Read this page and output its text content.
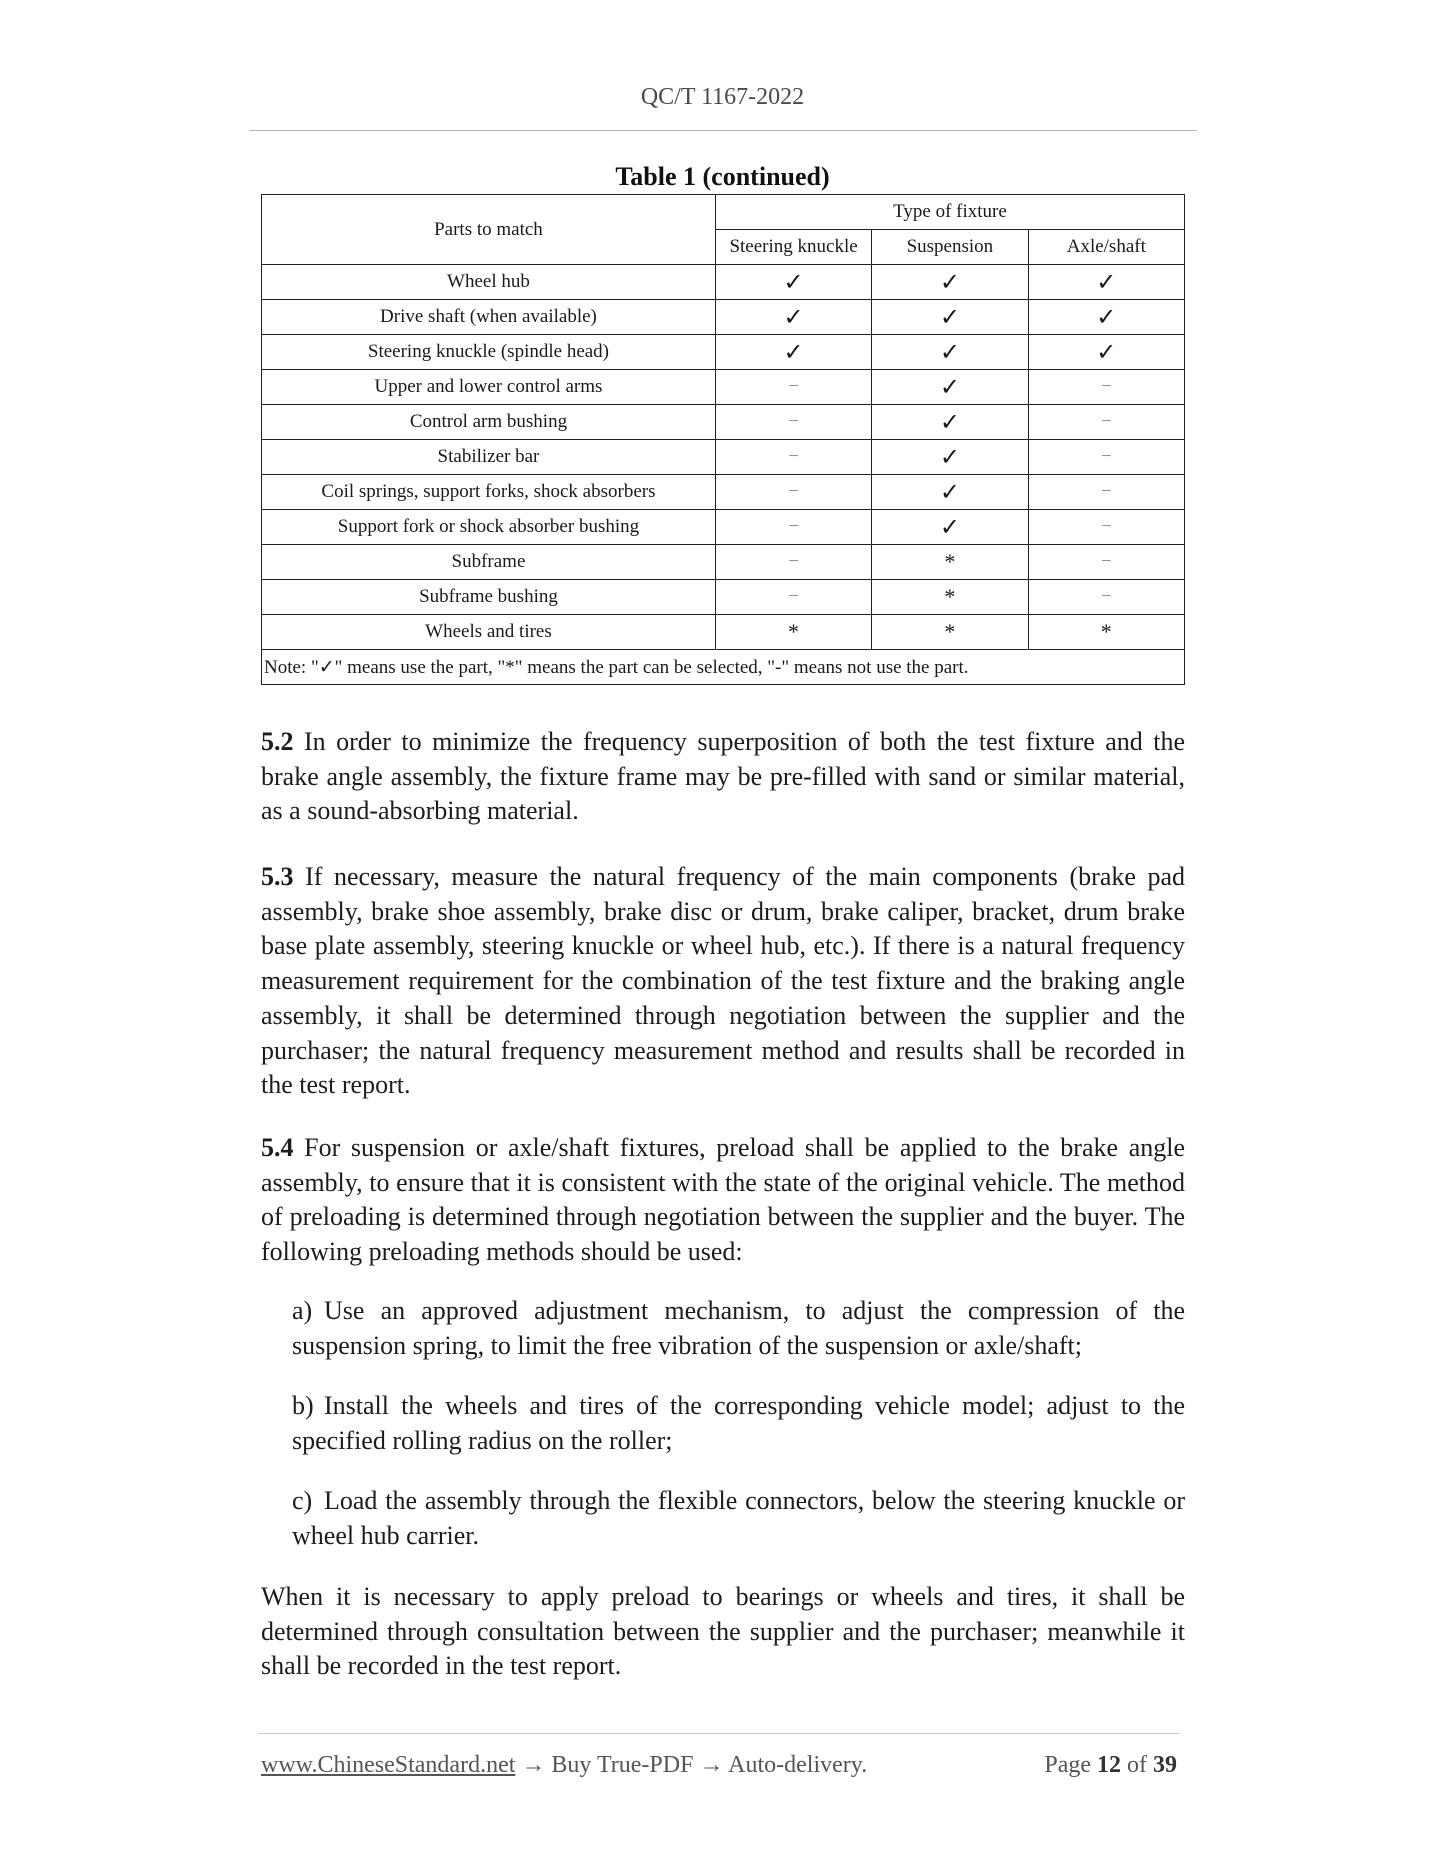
QC/T 1167-2022
Table 1 (continued)
Parts to match	Type of fixture		
	Steering knuckle	Suspension	Axle/shaft
Wheel hub	✓	✓	✓
Drive shaft (when available)	✓	✓	✓
Steering knuckle (spindle head)	✓	✓	✓
Upper and lower control arms	−	✓	−
Control arm bushing	−	✓	−
Stabilizer bar	−	✓	−
Coil springs, support forks, shock absorbers	−	✓	−
Support fork or shock absorber bushing	−	✓	−
Subframe	−	*	−
Subframe bushing	−	*	−
Wheels and tires	*	*	*
Note: "✓" means use the part, "*" means the part can be selected, "-" means not use the part.			
5.2 In order to minimize the frequency superposition of both the test fixture and the brake angle assembly, the fixture frame may be pre-filled with sand or similar material, as a sound-absorbing material.
5.3 If necessary, measure the natural frequency of the main components (brake pad assembly, brake shoe assembly, brake disc or drum, brake caliper, bracket, drum brake base plate assembly, steering knuckle or wheel hub, etc.). If there is a natural frequency measurement requirement for the combination of the test fixture and the braking angle assembly, it shall be determined through negotiation between the supplier and the purchaser; the natural frequency measurement method and results shall be recorded in the test report.
5.4 For suspension or axle/shaft fixtures, preload shall be applied to the brake angle assembly, to ensure that it is consistent with the state of the original vehicle. The method of preloading is determined through negotiation between the supplier and the buyer. The following preloading methods should be used:
a) Use an approved adjustment mechanism, to adjust the compression of the suspension spring, to limit the free vibration of the suspension or axle/shaft;
b) Install the wheels and tires of the corresponding vehicle model; adjust to the specified rolling radius on the roller;
c) Load the assembly through the flexible connectors, below the steering knuckle or wheel hub carrier.
When it is necessary to apply preload to bearings or wheels and tires, it shall be determined through consultation between the supplier and the purchaser; meanwhile it shall be recorded in the test report.
www.ChineseStandard.net → Buy True-PDF → Auto-delivery.	Page 12 of 39
